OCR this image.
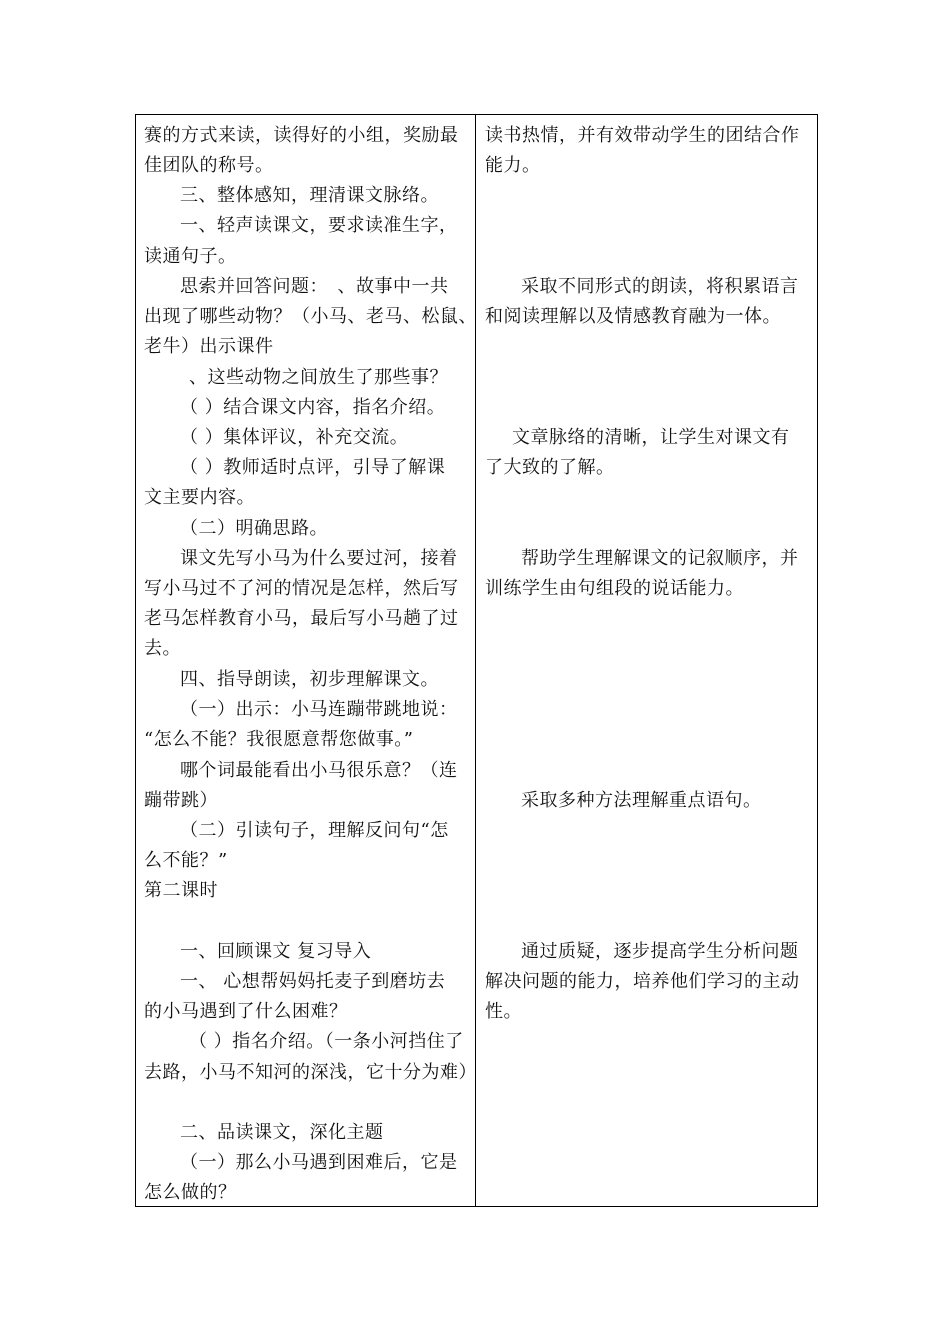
赛的方式来读，读得好的小组，奖励最
佳团队的称号。
三、整体感知，理清课文脉络。
一、轻声读课文，要求读准生字，
读通句子。
思索并回答问题：　、故事中一共
出现了哪些动物？（小马、老马、松鼠、
老牛）出示课件
、这些动物之间放生了那些事？
（ ）结合课文内容，指名介绍。
（ ）集体评议，补充交流。
（ ）教师适时点评，引导了解课
文主要内容。
（二）明确思路。
课文先写小马为什么要过河，接着
写小马过不了河的情况是怎样，然后写
老马怎样教育小马，最后写小马趟了过
去。
四、指导朗读，初步理解课文。
（一）出示：小马连蹦带跳地说：
“怎么不能？我很愿意帮您做事。”
哪个词最能看出小马很乐意？（连
蹦带跳）
（二）引读句子，理解反问句“怎
么不能？”
第二课时
一、回顾课文 复习导入
一、 心想帮妈妈托麦子到磨坊去
的小马遇到了什么困难？
（ ）指名介绍。（一条小河挡住了
去路，小马不知河的深浅，它十分为难）
二、品读课文，深化主题
（一）那么小马遇到困难后，它是
怎么做的？
读书热情，并有效带动学生的团结合作
能力。
采取不同形式的朗读，将积累语言
和阅读理解以及情感教育融为一体。
文章脉络的清晰，让学生对课文有
了大致的了解。
帮助学生理解课文的记叙顺序，并
训练学生由句组段的说话能力。
采取多种方法理解重点语句。
通过质疑，逐步提高学生分析问题
解决问题的能力，培养他们学习的主动
性。
